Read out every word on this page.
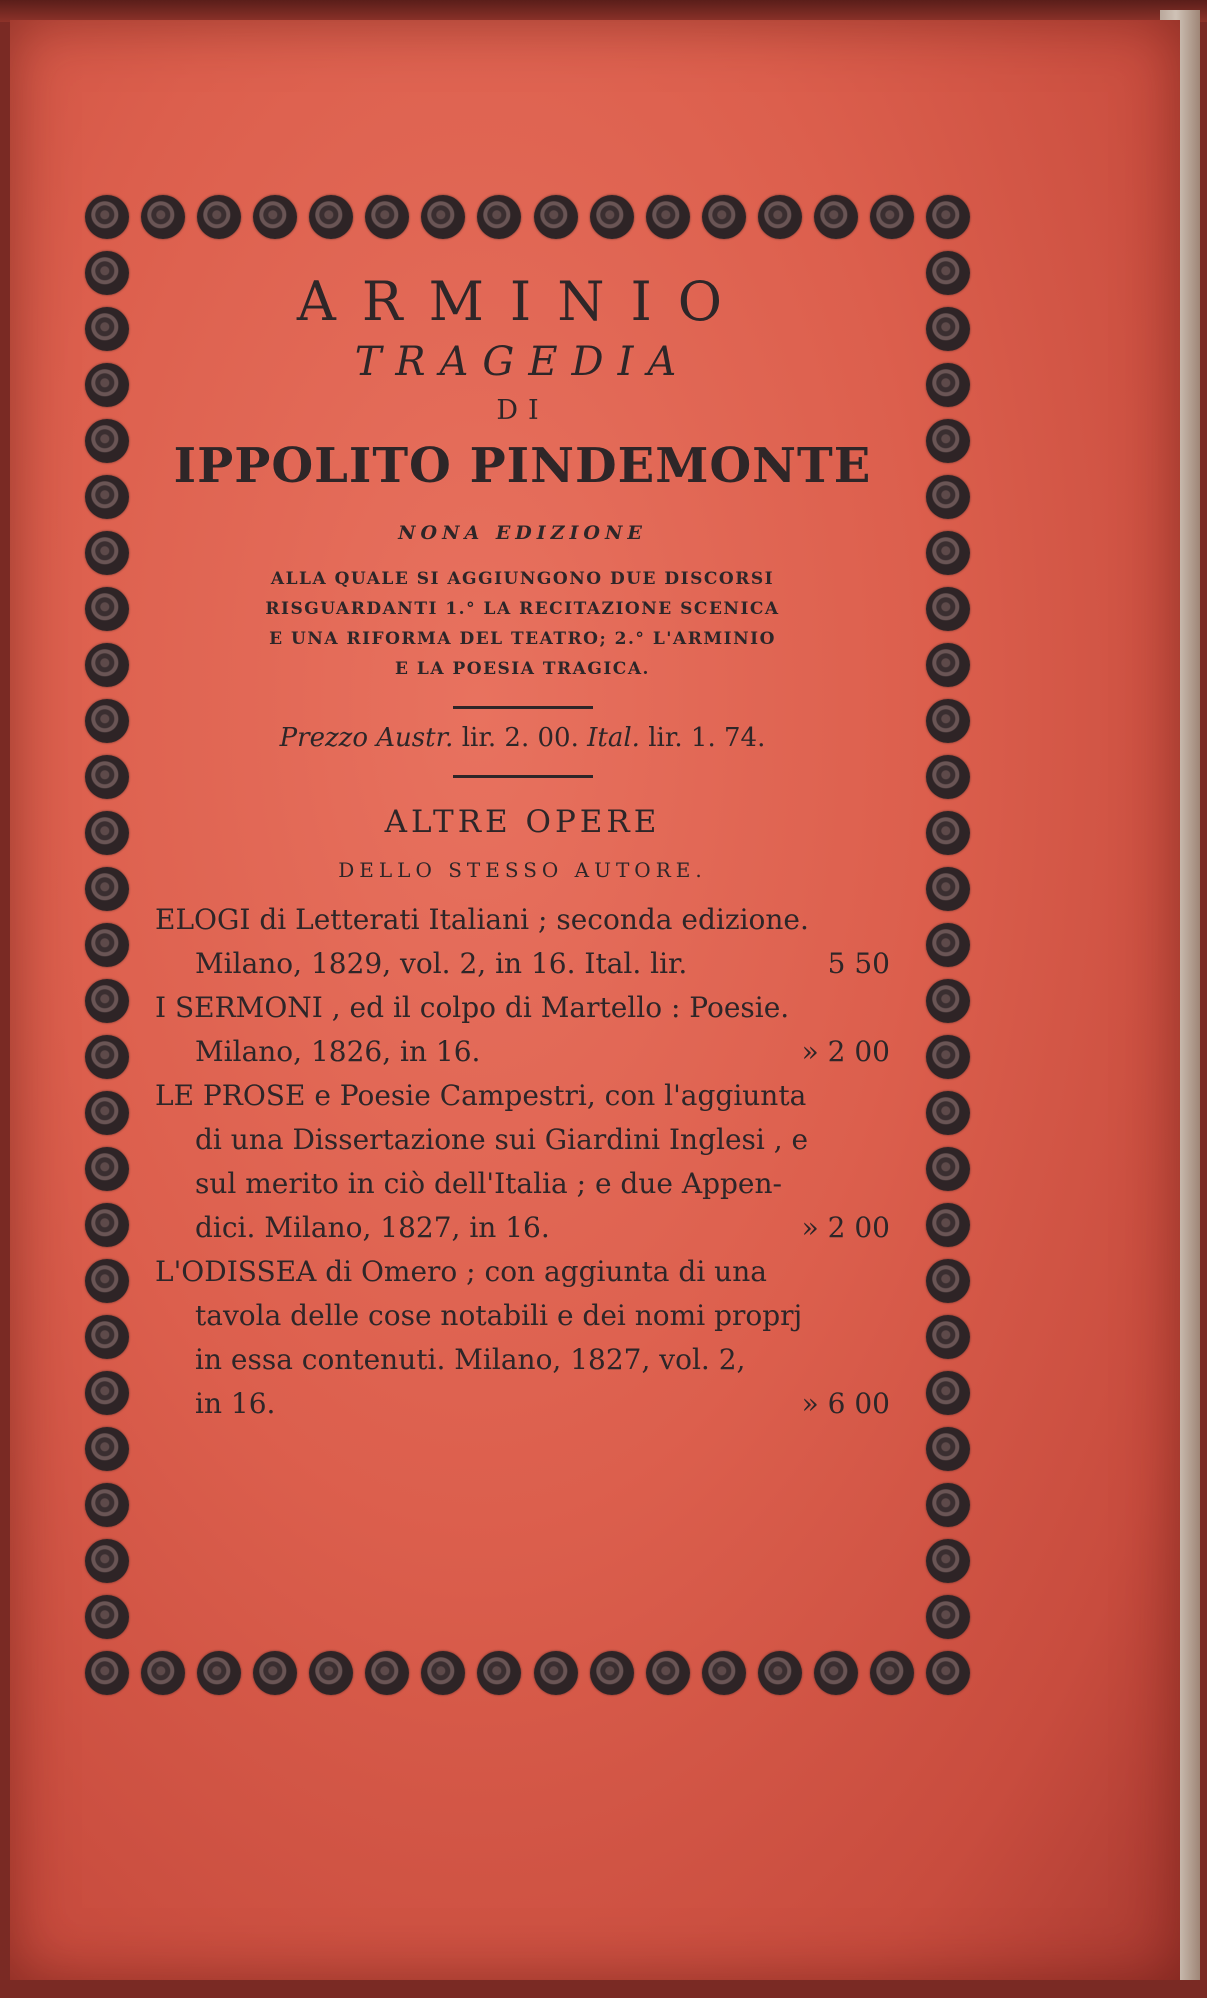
ARMINIO
TRAGEDIA
DI
IPPOLITO PINDEMONTE
NONA EDIZIONE
ALLA QUALE SI AGGIUNGONO DUE DISCORSI
RISGUARDANTI 1.° LA RECITAZIONE SCENICA
E UNA RIFORMA DEL TEATRO; 2.° L'ARMINIO
E LA POESIA TRAGICA.
Prezzo Austr. lir. 2. 00. Ital. lir. 1. 74.
ALTRE OPERE
DELLO STESSO AUTORE.
ELOGI di Letterati Italiani ; seconda edizione.
Milano, 1829, vol. 2, in 16. Ital. lir.	5 50
I SERMONI , ed il colpo di Martello : Poesie.
Milano, 1826, in 16.	» 2 00
LE PROSE e Poesie Campestri, con l'aggiunta
di una Dissertazione sui Giardini Inglesi , e
sul merito in ciò dell'Italia ; e due Appen-
dici. Milano, 1827, in 16.	» 2 00
L'ODISSEA di Omero ; con aggiunta di una
tavola delle cose notabili e dei nomi proprj
in essa contenuti. Milano, 1827, vol. 2,
in 16.	» 6 00
